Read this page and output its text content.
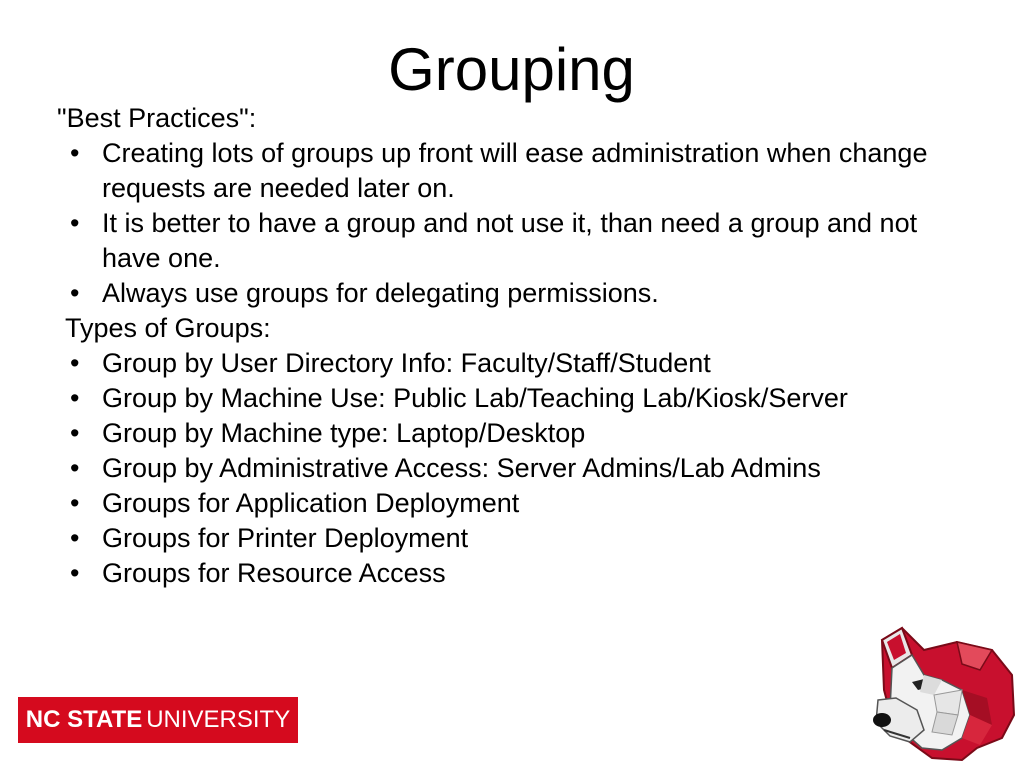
Grouping

"Best Practices":

• Creating lots of groups up front will ease administration when change requests are needed later on.
• It is better to have a group and not use it, than need a group and not have one.
• Always use groups for delegating permissions.

Types of Groups:

• Group by User Directory Info: Faculty/Staff/Student
• Group by Machine Use: Public Lab/Teaching Lab/Kiosk/Server
• Group by Machine type: Laptop/Desktop
• Group by Administrative Access: Server Admins/Lab Admins
• Groups for Application Deployment
• Groups for Printer Deployment
• Groups for Resource Access
NC STATE UNIVERSITY
